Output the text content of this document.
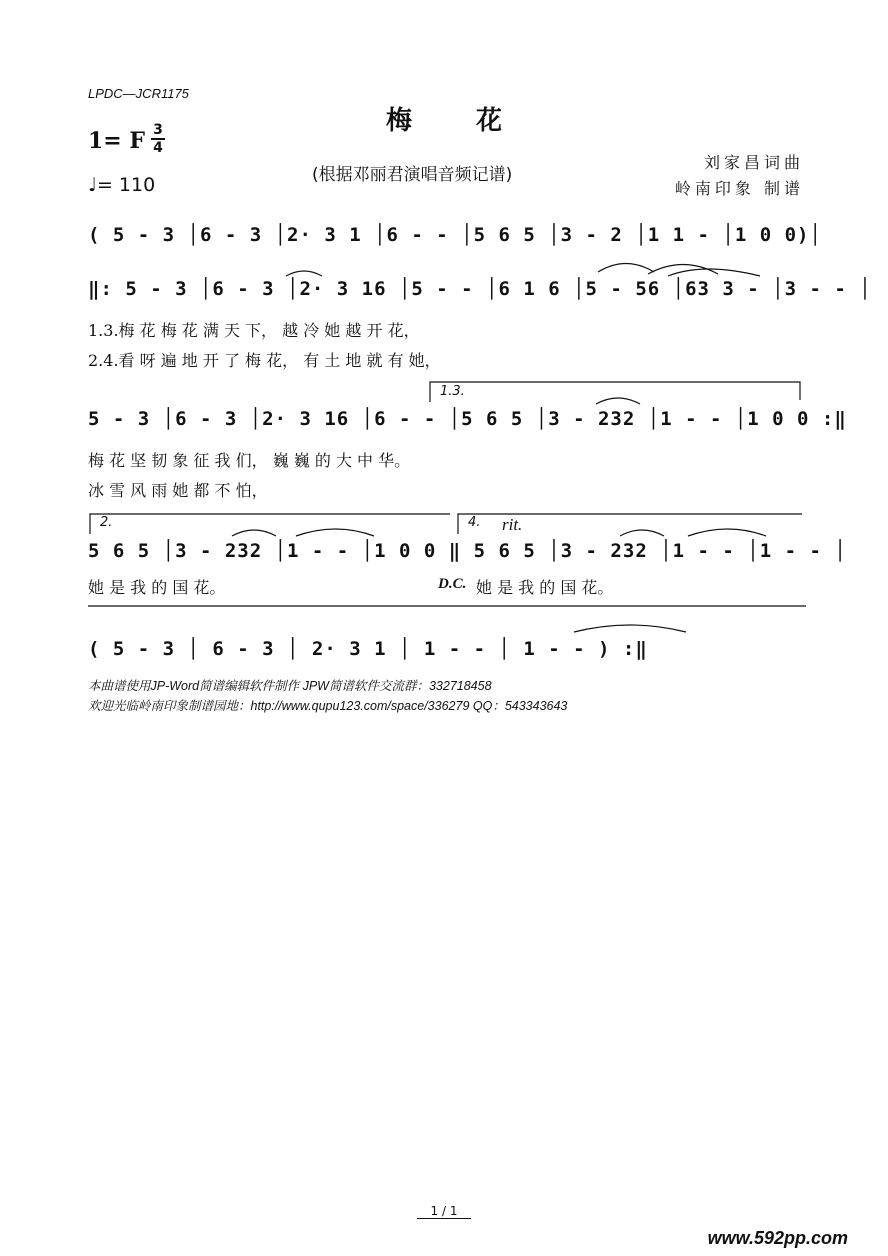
LPDC—JCR1175
梅花
1= F 3
4
♩= 110	(根据邓丽君演唱音频记谱)
刘家昌词曲
岭南印象 制谱
( 5 - 3 │6 - 3 │2· 3 1 │6 - - │5 6 5 │3 - 2 │1 1 - │1 0 0)│
‖: 5 - 3 │6 - 3 │2· 3 16 │5 - - │6 1 6 │5 - 56 │63 3 - │3 - - │
1.3.梅 花 梅 花 满 天 下， 越 冷 她 越 开 花，
2.4.看 呀 遍 地 开 了 梅 花， 有 土 地 就 有 她，
1.3.
5 - 3 │6 - 3 │2· 3 16 │6 - - │5 6 5 │3 - 232 │1 - - │1 0 0 :‖
梅 花 坚 韧 象 征 我 们， 巍 巍 的 大 中 华。
冰 雪 风 雨 她 都 不 怕，
2.	4. rit.
5 6 5 │3 - 232 │1 - - │1 0 0 ‖ 5 6 5 │3 - 232 │1 - - │1 - - │
她 是 我 的 国 花。	D.C. 她 是 我 的 国 花。
( 5 - 3 │ 6 - 3 │ 2· 3 1 │ 1 - - │ 1 - - ) :‖
本曲谱使用JP-Word简谱编辑软件制作 JPW简谱软件交流群：332718458
欢迎光临岭南印象制谱园地：http://www.qupu123.com/space/336279 QQ：543343643
1 / 1
www.592pp.com
